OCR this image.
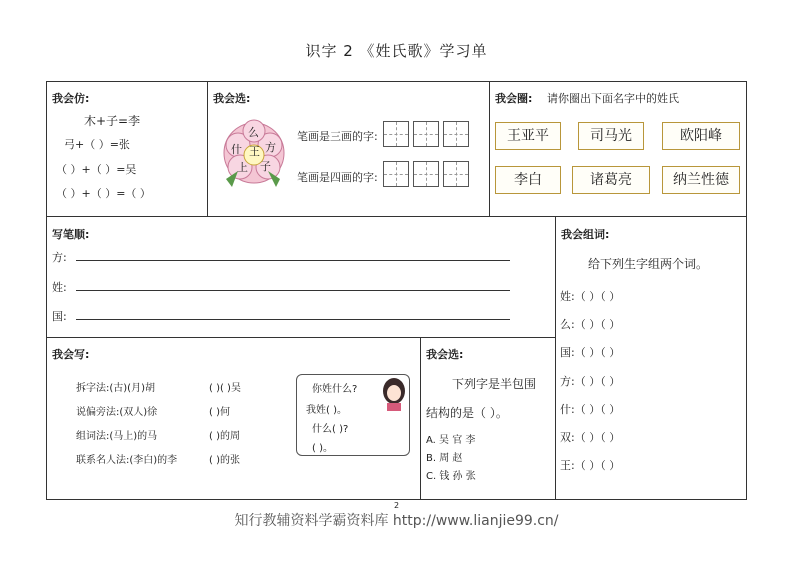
识字 2 《姓氏歌》学习单
我会仿:
木+子=李
弓+（ ）=张
（ ）+（ ）=吴
（ ）+（ ）=（ ）
我会选:
么
什 王 方
上 子
笔画是三画的字:
笔画是四画的字:
我会圈: 请你圈出下面名字中的姓氏
王亚平	司马光	欧阳峰
李白	诸葛亮	纳兰性德
写笔顺:
方:
姓:
国:
我会组词:
给下列生字组两个词。
姓:（ ）（ ）
么:（ ）（ ）
国:（ ）（ ）
方:（ ）（ ）
什:（ ）（ ）
双:（ ）（ ）
王:（ ）（ ）
我会写:
拆字法:(古)(月)胡	( )( )吴
说偏旁法:(双人)徐	( )何
组词法:(马上)的马	( )的周
联系名人法:(李白)的李	( )的张
你姓什么?
我姓( )。
什么( )?
( )。
我会选:
下列字是半包围
结构的是（ ）。
A. 吴 官 李
B. 周 赵
C. 钱 孙 张
2
知行教辅资料学霸资料库 http://www.lianjie99.cn/
